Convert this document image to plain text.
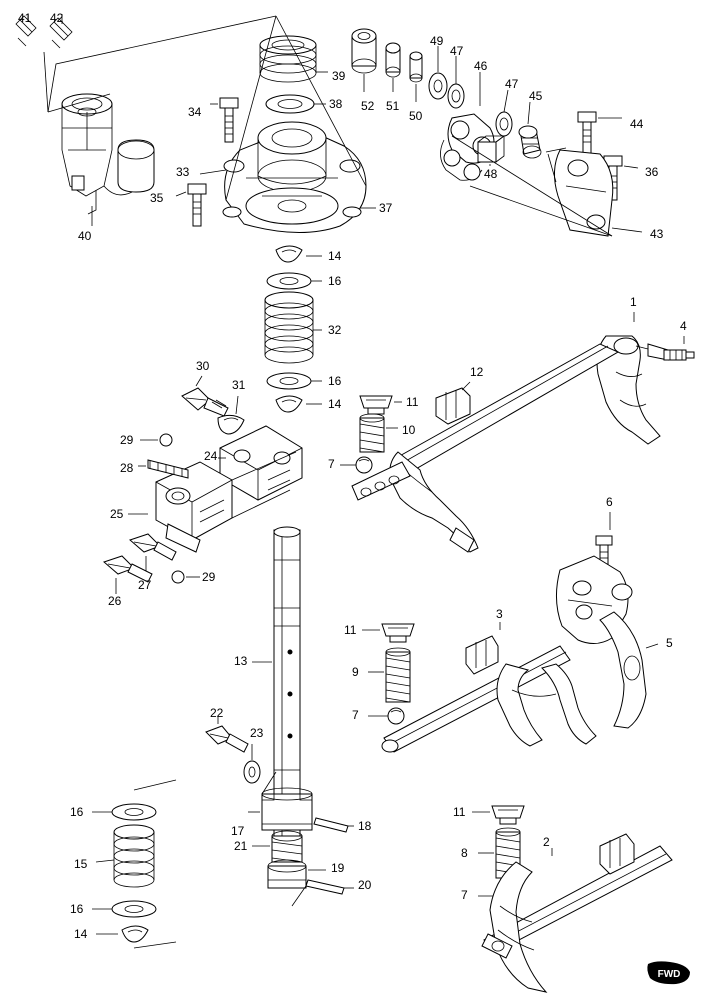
FWD
41 42
39
52 51
50
49
47
46
47
45
44
36
43
48
38
34
33
35
37
40
14
16
32
16
14
1
4
12
11
10
7
30
31
29
28
24
25
27
26
29
6
3
5
11
9
7
13
22
23
17	18
21
19
20
16
15
16
14
11
8
7
2
